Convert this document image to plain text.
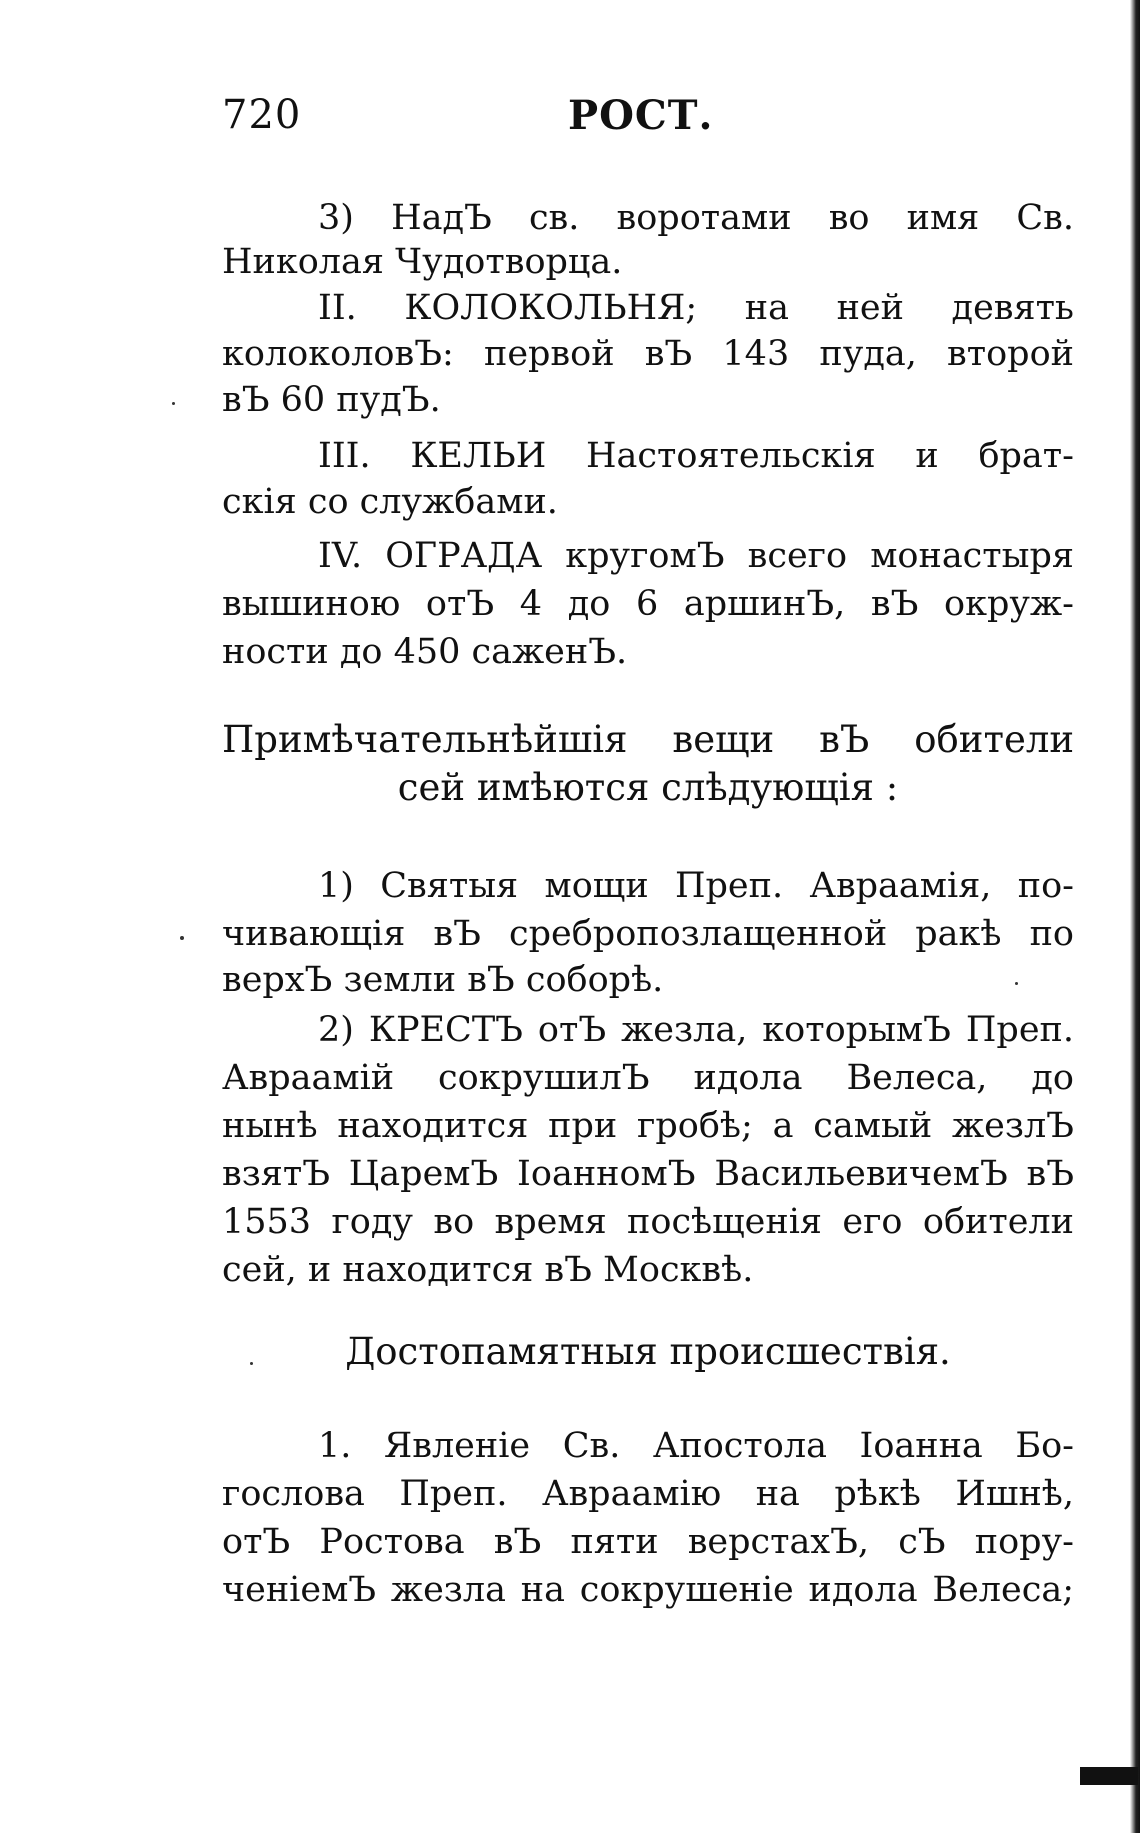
720	РОСТ.
3) НадЪ св. воротами во имя Св.
Николая Чудотворца.
II. КОЛОКОЛЬНЯ; на ней девять
колоколовЪ: первой вЪ 143 пуда, второй
вЪ 60 пудЪ.
III. КЕЛЬИ Настоятельскія и брат-
скія со службами.
IV. ОГРАДА кругомЪ всего монастыря
вышиною отЪ 4 до 6 аршинЪ, вЪ окруж-
ности до 450 саженЪ.
Примѣчательнѣйшія вещи вЪ обители
сей имѣются слѣдующія :
1) Святыя мощи Преп. Авраамія, по-
чивающія вЪ сребропозлащенной ракѣ по
верхЪ земли вЪ соборѣ.
2) КРЕСТЪ отЪ жезла, которымЪ Преп.
Авраамій сокрушилЪ идола Велеса, до
нынѣ находится при гробѣ; а самый жезлЪ
взятЪ ЦаремЪ ІоанномЪ ВасильевичемЪ вЪ
1553 году во время посѣщенія его обители
сей, и находится вЪ Москвѣ.
Достопамятныя происшествія.
1. Явленіе Св. Апостола Іоанна Бо-
гослова Преп. Авраамію на рѣкѣ Ишнѣ,
отЪ Ростова вЪ пяти верстахЪ, сЪ пору-
ченіемЪ жезла на сокрушеніе идола Велеса;
